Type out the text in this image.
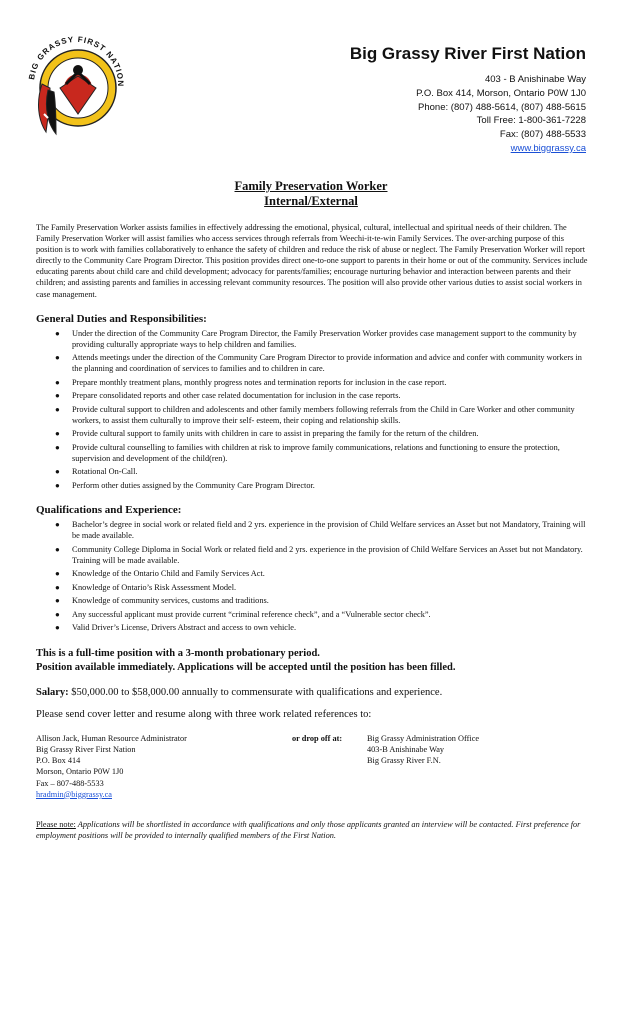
BIG GRASSY FIRST NATION
Big Grassy River First Nation
403 - B Anishinabe Way
P.O. Box 414, Morson, Ontario P0W 1J0
Phone: (807) 488-5614, (807) 488-5615
Toll Free: 1-800-361-7228
Fax: (807) 488-5533
www.biggrassy.ca
Family Preservation Worker
Internal/External

The Family Preservation Worker assists families in effectively addressing the emotional, physical, cultural, intellectual and spiritual needs of their children. The Family Preservation Worker will assist families who access services through referrals from Weechi-it-te-win Family Services. The over-arching purpose of this position is to work with families collaboratively to enhance the safety of children and reduce the risk of abuse or neglect. The Family Preservation Worker will report directly to the Community Care Program Director. This position provides direct one-to-one support to parents in their home or out of the community. Services include educating parents about child care and child development; advocacy for parents/families; encourage nurturing behavior and interaction between parents and their children; and assisting parents and families in accessing relevant community resources. The position will also provide other various duties to assist social workers in case management.

General Duties and Responsibilities:
● Under the direction of the Community Care Program Director, the Family Preservation Worker provides case management support to the community by providing culturally appropriate ways to help children and families.
● Attends meetings under the direction of the Community Care Program Director to provide information and advice and confer with community workers in the planning and coordination of services to families and to children in care.
● Prepare monthly treatment plans, monthly progress notes and termination reports for inclusion in the case report.
● Prepare consolidated reports and other case related documentation for inclusion in the case reports.
● Provide cultural support to children and adolescents and other family members following referrals from the Child in Care Worker and other community workers, to assist them culturally to improve their self- esteem, their coping and relationship skills.
● Provide cultural support to family units with children in care to assist in preparing the family for the return of the children.
● Provide cultural counselling to families with children at risk to improve family communications, relations and functioning to ensure the protection, supervision and development of the child(ren).
● Rotational On-Call.
● Perform other duties assigned by the Community Care Program Director.
Qualifications and Experience:
● Bachelor’s degree in social work or related field and 2 yrs. experience in the provision of Child Welfare services an Asset but not Mandatory, Training will be made available.
● Community College Diploma in Social Work or related field and 2 yrs. experience in the provision of Child Welfare Services an Asset but not Mandatory. Training will be made available.
● Knowledge of the Ontario Child and Family Services Act.
● Knowledge of Ontario’s Risk Assessment Model.
● Knowledge of community services, customs and traditions.
● Any successful applicant must provide current “criminal reference check”, and a “Vulnerable sector check”.
● Valid Driver’s License, Drivers Abstract and access to own vehicle.
This is a full-time position with a 3-month probationary period.
Position available immediately. Applications will be accepted until the position has been filled.
Salary: $50,000.00 to $58,000.00 annually to commensurate with qualifications and experience.
Please send cover letter and resume along with three work related references to:
Allison Jack, Human Resource Administrator
Big Grassy River First Nation
P.O. Box 414
Morson, Ontario P0W 1J0
Fax – 807-488-5533
hradmin@biggrassy.ca
or drop off at:	Big Grassy Administration Office
403-B Anishinabe Way
Big Grassy River F.N.
Please note: Applications will be shortlisted in accordance with qualifications and only those applicants granted an interview will be contacted. First preference for employment positions will be provided to internally qualified members of the First Nation.
